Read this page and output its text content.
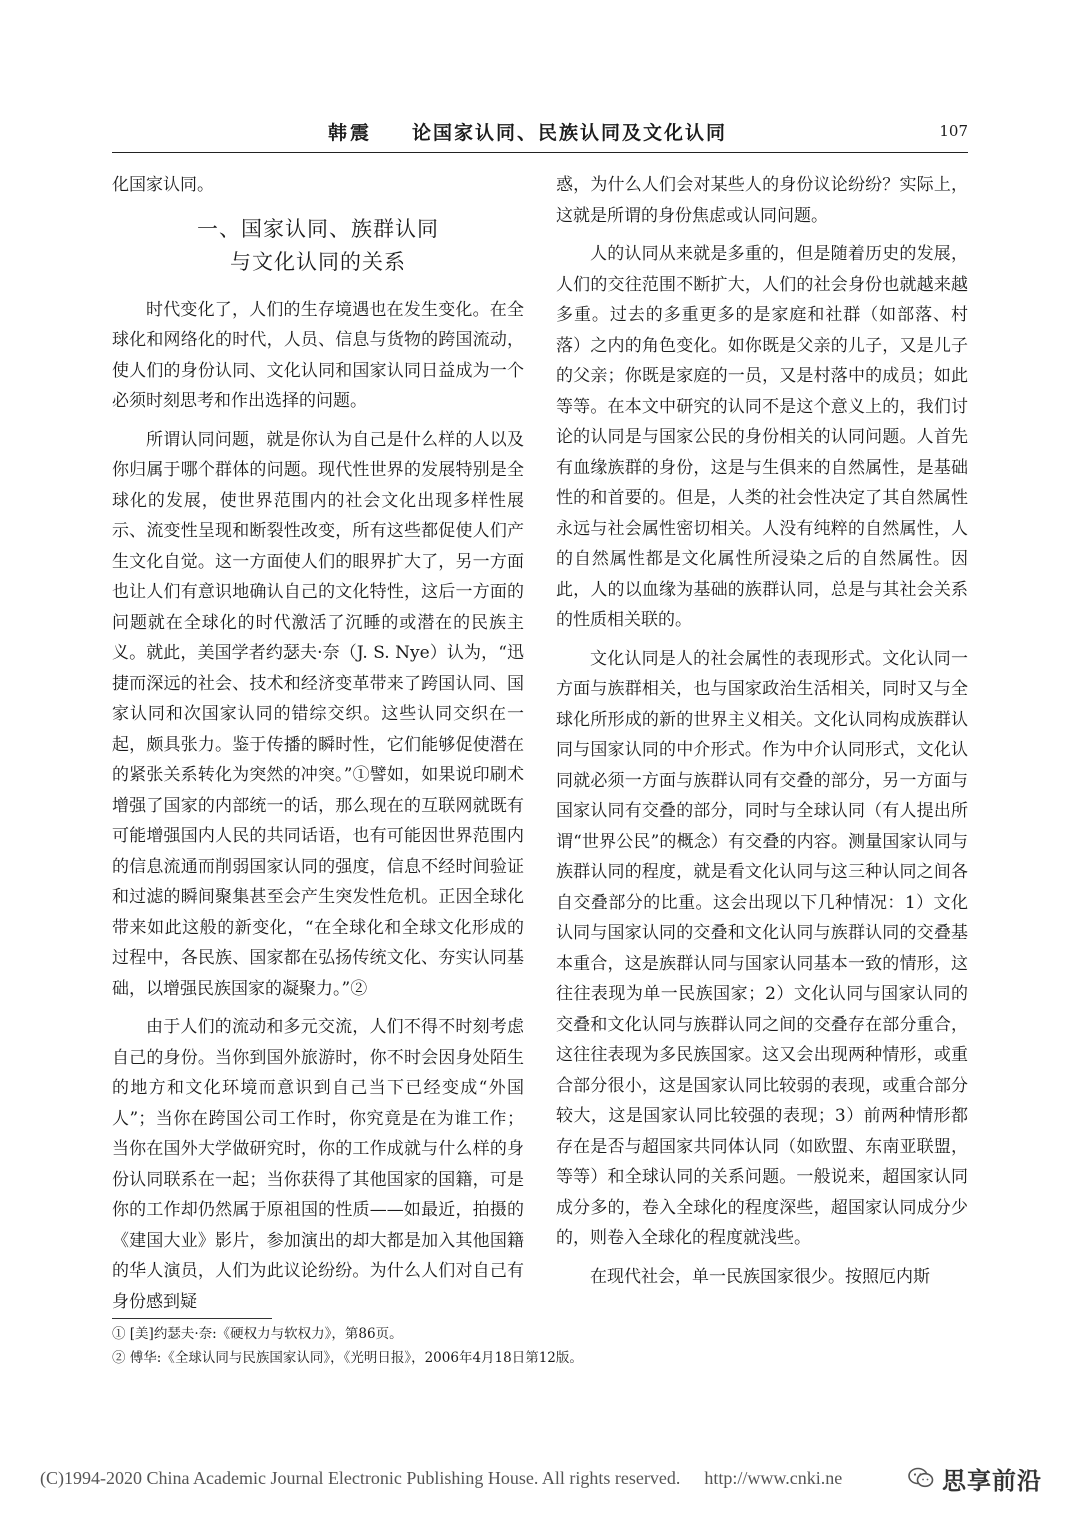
韩震 论国家认同、民族认同及文化认同	107

化国家认同。

一、国家认同、族群认同
与文化认同的关系

时代变化了，人们的生存境遇也在发生变化。在全球化和网络化的时代，人员、信息与货物的跨国流动，使人们的身份认同、文化认同和国家认同日益成为一个必须时刻思考和作出选择的问题。

所谓认同问题，就是你认为自己是什么样的人以及你归属于哪个群体的问题。现代性世界的发展特别是全球化的发展，使世界范围内的社会文化出现多样性展示、流变性呈现和断裂性改变，所有这些都促使人们产生文化自觉。这一方面使人们的眼界扩大了，另一方面也让人们有意识地确认自己的文化特性，这后一方面的问题就在全球化的时代激活了沉睡的或潜在的民族主义。就此，美国学者约瑟夫·奈（J. S. Nye）认为，“迅捷而深远的社会、技术和经济变革带来了跨国认同、国家认同和次国家认同的错综交织。这些认同交织在一起，颇具张力。鉴于传播的瞬时性，它们能够促使潜在的紧张关系转化为突然的冲突。”①譬如，如果说印刷术增强了国家的内部统一的话，那么现在的互联网就既有可能增强国内人民的共同话语，也有可能因世界范围内的信息流通而削弱国家认同的强度，信息不经时间验证和过滤的瞬间聚集甚至会产生突发性危机。正因全球化带来如此这般的新变化，“在全球化和全球文化形成的过程中，各民族、国家都在弘扬传统文化、夯实认同基础，以增强民族国家的凝聚力。”②

由于人们的流动和多元交流，人们不得不时刻考虑自己的身份。当你到国外旅游时，你不时会因身处陌生的地方和文化环境而意识到自己当下已经变成“外国人”；当你在跨国公司工作时，你究竟是在为谁工作；当你在国外大学做研究时，你的工作成就与什么样的身份认同联系在一起；当你获得了其他国家的国籍，可是你的工作却仍然属于原祖国的性质——如最近，拍摄的《建国大业》影片，参加演出的却大都是加入其他国籍的华人演员，人们为此议论纷纷。为什么人们对自己有身份感到疑

惑，为什么人们会对某些人的身份议论纷纷？实际上，这就是所谓的身份焦虑或认同问题。

人的认同从来就是多重的，但是随着历史的发展，人们的交往范围不断扩大，人们的社会身份也就越来越多重。过去的多重更多的是家庭和社群（如部落、村落）之内的角色变化。如你既是父亲的儿子，又是儿子的父亲；你既是家庭的一员，又是村落中的成员；如此等等。在本文中研究的认同不是这个意义上的，我们讨论的认同是与国家公民的身份相关的认同问题。人首先有血缘族群的身份，这是与生俱来的自然属性，是基础性的和首要的。但是，人类的社会性决定了其自然属性永远与社会属性密切相关。人没有纯粹的自然属性，人的自然属性都是文化属性所浸染之后的自然属性。因此，人的以血缘为基础的族群认同，总是与其社会关系的性质相关联的。

文化认同是人的社会属性的表现形式。文化认同一方面与族群相关，也与国家政治生活相关，同时又与全球化所形成的新的世界主义相关。文化认同构成族群认同与国家认同的中介形式。作为中介认同形式，文化认同就必须一方面与族群认同有交叠的部分，另一方面与国家认同有交叠的部分，同时与全球认同（有人提出所谓“世界公民”的概念）有交叠的内容。测量国家认同与族群认同的程度，就是看文化认同与这三种认同之间各自交叠部分的比重。这会出现以下几种情况：1）文化认同与国家认同的交叠和文化认同与族群认同的交叠基本重合，这是族群认同与国家认同基本一致的情形，这往往表现为单一民族国家；2）文化认同与国家认同的交叠和文化认同与族群认同之间的交叠存在部分重合，这往往表现为多民族国家。这又会出现两种情形，或重合部分很小，这是国家认同比较弱的表现，或重合部分较大，这是国家认同比较强的表现；3）前两种情形都存在是否与超国家共同体认同（如欧盟、东南亚联盟，等等）和全球认同的关系问题。一般说来，超国家认同成分多的，卷入全球化的程度深些，超国家认同成分少的，则卷入全球化的程度就浅些。

在现代社会，单一民族国家很少。按照厄内斯

① [美]约瑟夫·奈:《硬权力与软权力》，第86页。
② 傅华:《全球认同与民族国家认同》，《光明日报》，2006年4月18日第12版。
(C)1994-2020 China Academic Journal Electronic Publishing House. All rights reserved. http://www.cnki.ne	思享前沿
